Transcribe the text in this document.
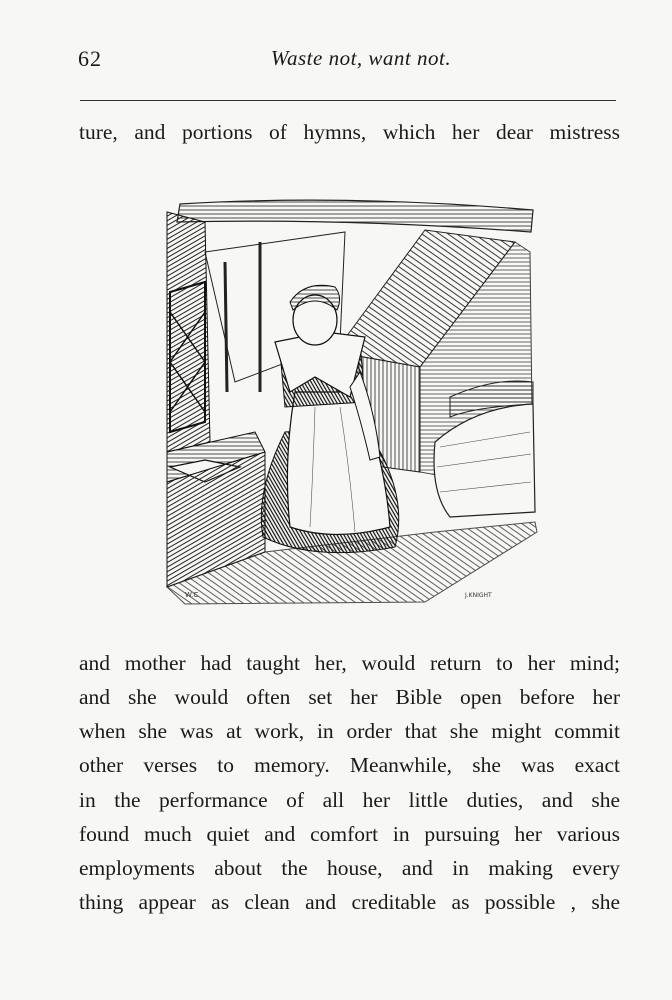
62	Waste not, want not.
ture, and portions of hymns, which her dear mistress
W.C	J.KNIGHT
and mother had taught her, would return to her mind;
and she would often set her Bible open before her
when she was at work, in order that she might commit
other verses to memory. Meanwhile, she was exact
in the performance of all her little duties, and she
found much quiet and comfort in pursuing her various
employments about the house, and in making every
thing appear as clean and creditable as possible , she
